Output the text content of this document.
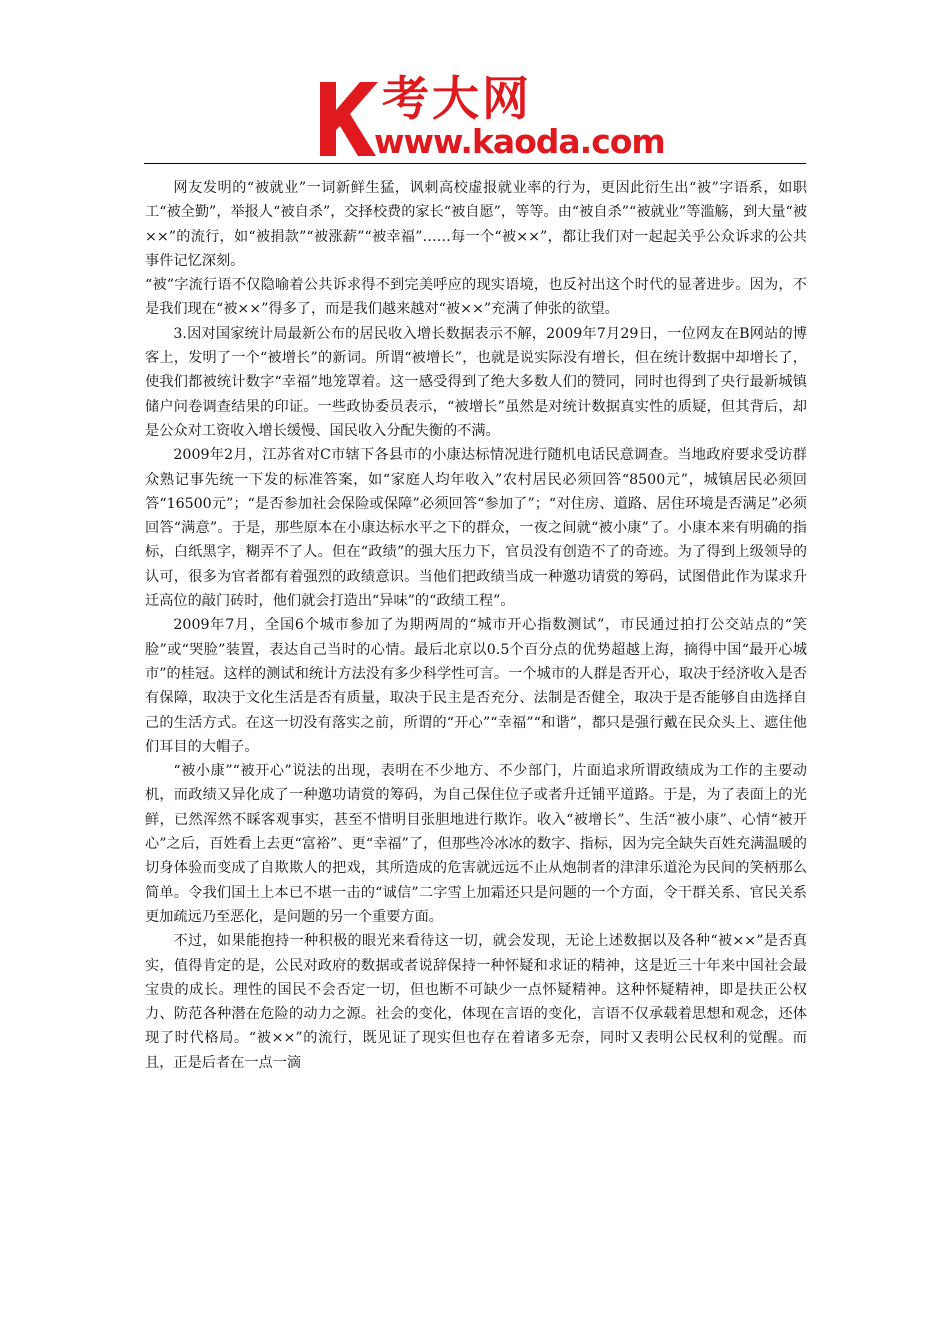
考大网
www.kaoda.com

网友发明的“被就业”一词新鲜生猛，讽刺高校虚报就业率的行为，更因此衍生出“被”字语系，如职工“被全勤”，举报人“被自杀”，交择校费的家长“被自愿”，等等。由“被自杀”“被就业”等滥觞，到大量“被××”的流行，如“被捐款”“被涨薪”“被幸福”……每一个“被××”，都让我们对一起起关乎公众诉求的公共事件记忆深刻。

“被”字流行语不仅隐喻着公共诉求得不到完美呼应的现实语境，也反衬出这个时代的显著进步。因为，不是我们现在“被××”得多了，而是我们越来越对“被××”充满了伸张的欲望。

3.因对国家统计局最新公布的居民收入增长数据表示不解，2009年7月29日，一位网友在B网站的博客上，发明了一个“被增长”的新词。所谓“被增长”，也就是说实际没有增长，但在统计数据中却增长了，使我们都被统计数字“幸福”地笼罩着。这一感受得到了绝大多数人们的赞同，同时也得到了央行最新城镇储户问卷调查结果的印证。一些政协委员表示，“被增长”虽然是对统计数据真实性的质疑，但其背后，却是公众对工资收入增长缓慢、国民收入分配失衡的不满。

2009年2月，江苏省对C市辖下各县市的小康达标情况进行随机电话民意调查。当地政府要求受访群众熟记事先统一下发的标准答案，如“家庭人均年收入”农村居民必须回答“8500元”，城镇居民必须回答“16500元”；“是否参加社会保险或保障”必须回答“参加了”；“对住房、道路、居住环境是否满足”必须回答“满意”。于是，那些原本在小康达标水平之下的群众，一夜之间就“被小康”了。小康本来有明确的指标，白纸黑字，糊弄不了人。但在“政绩”的强大压力下，官员没有创造不了的奇迹。为了得到上级领导的认可，很多为官者都有着强烈的政绩意识。当他们把政绩当成一种邀功请赏的筹码，试图借此作为谋求升迁高位的敲门砖时，他们就会打造出“异味”的“政绩工程”。

2009年7月，全国6个城市参加了为期两周的“城市开心指数测试”，市民通过拍打公交站点的“笑脸”或“哭脸”装置，表达自己当时的心情。最后北京以0.5个百分点的优势超越上海，摘得中国“最开心城市”的桂冠。这样的测试和统计方法没有多少科学性可言。一个城市的人群是否开心，取决于经济收入是否有保障，取决于文化生活是否有质量，取决于民主是否充分、法制是否健全，取决于是否能够自由选择自己的生活方式。在这一切没有落实之前，所谓的“开心”“幸福”“和谐”，都只是强行戴在民众头上、遮住他们耳目的大帽子。

“被小康”“被开心”说法的出现，表明在不少地方、不少部门，片面追求所谓政绩成为工作的主要动机，而政绩又异化成了一种邀功请赏的筹码，为自己保住位子或者升迁铺平道路。于是，为了表面上的光鲜，已然浑然不睬客观事实，甚至不惜明目张胆地进行欺诈。收入“被增长”、生活“被小康”、心情“被开心”之后，百姓看上去更“富裕”、更“幸福”了，但那些冷冰冰的数字、指标，因为完全缺失百姓充满温暖的切身体验而变成了自欺欺人的把戏，其所造成的危害就远远不止从炮制者的津津乐道沦为民间的笑柄那么简单。令我们国土上本已不堪一击的“诚信”二字雪上加霜还只是问题的一个方面，令干群关系、官民关系更加疏远乃至恶化，是问题的另一个重要方面。

不过，如果能抱持一种积极的眼光来看待这一切，就会发现，无论上述数据以及各种“被××”是否真实，值得肯定的是，公民对政府的数据或者说辞保持一种怀疑和求证的精神，这是近三十年来中国社会最宝贵的成长。理性的国民不会否定一切，但也断不可缺少一点怀疑精神。这种怀疑精神，即是扶正公权力、防范各种潜在危险的动力之源。社会的变化，体现在言语的变化，言语不仅承载着思想和观念，还体现了时代格局。“被××”的流行，既见证了现实但也存在着诸多无奈，同时又表明公民权利的觉醒。而且，正是后者在一点一滴
